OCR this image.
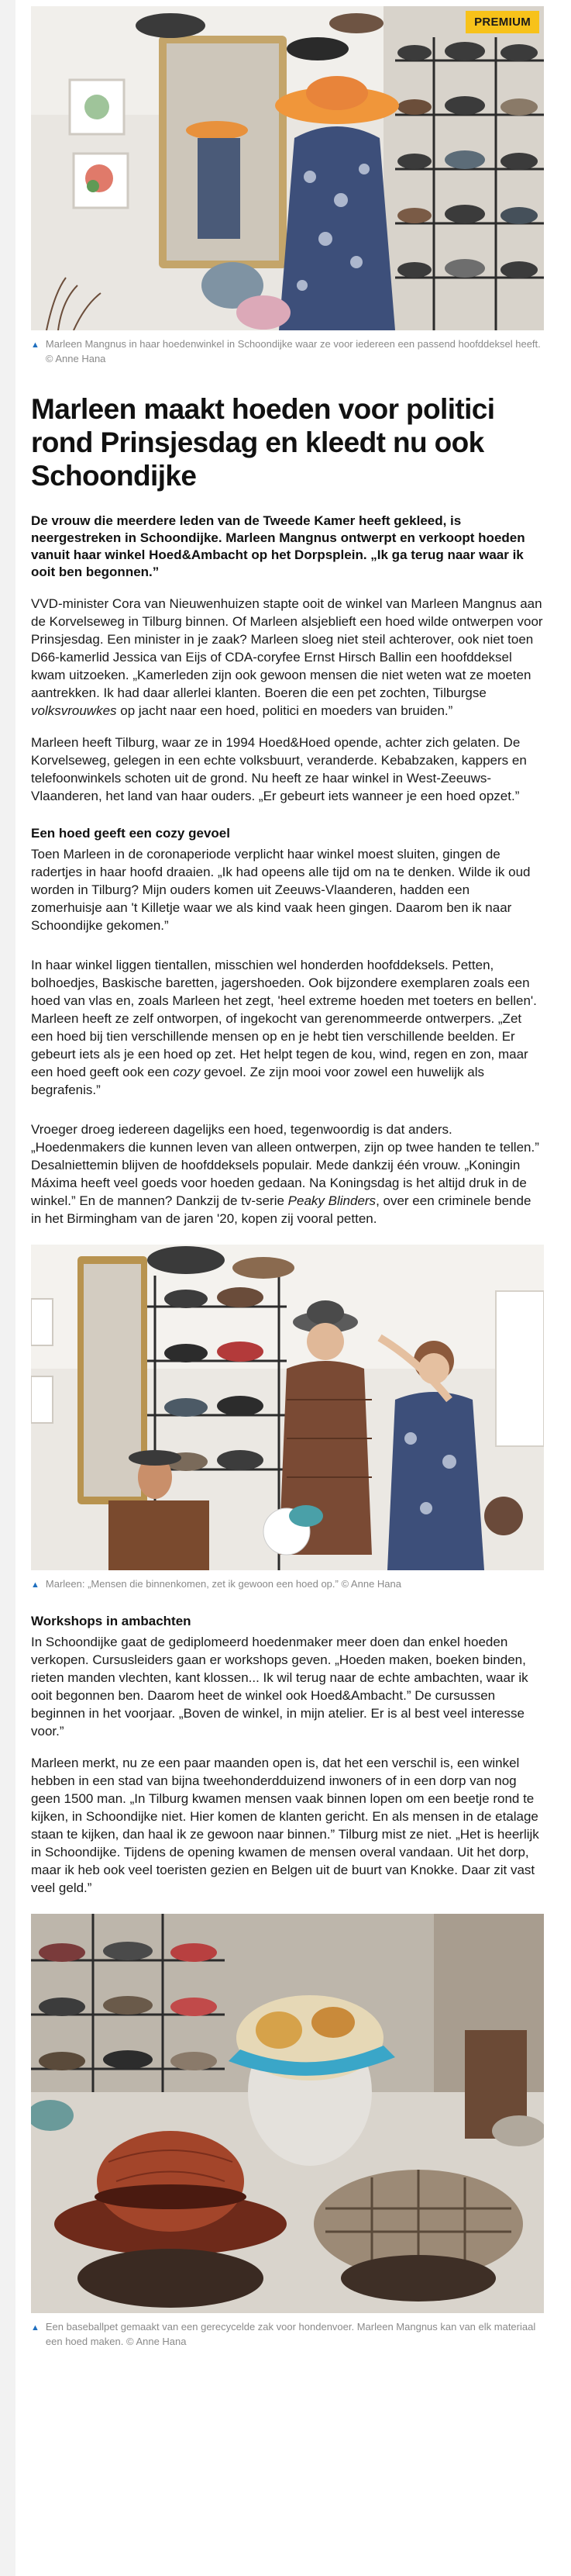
PREMIUM
▲ Marleen Mangnus in haar hoedenwinkel in Schoondijke waar ze voor iedereen een passend hoofddeksel heeft. © Anne Hana
Marleen maakt hoeden voor politici rond Prinsjesdag en kleedt nu ook Schoondijke

De vrouw die meerdere leden van de Tweede Kamer heeft gekleed, is neergestreken in Schoondijke. Marleen Mangnus ontwerpt en verkoopt hoeden vanuit haar winkel Hoed&Ambacht op het Dorpsplein. „Ik ga terug naar waar ik ooit ben begonnen.”

VVD-minister Cora van Nieuwenhuizen stapte ooit de winkel van Marleen Mangnus aan de Korvelseweg in Tilburg binnen. Of Marleen alsjeblieft een hoed wilde ontwerpen voor Prinsjesdag. Een minister in je zaak? Marleen sloeg niet steil achterover, ook niet toen D66-kamerlid Jessica van Eijs of CDA-coryfee Ernst Hirsch Ballin een hoofddeksel kwam uitzoeken. „Kamerleden zijn ook gewoon mensen die niet weten wat ze moeten aantrekken. Ik had daar allerlei klanten. Boeren die een pet zochten, Tilburgse volksvrouwkes op jacht naar een hoed, politici en moeders van bruiden.”

Marleen heeft Tilburg, waar ze in 1994 Hoed&Hoed opende, achter zich gelaten. De Korvelseweg, gelegen in een echte volksbuurt, veranderde. Kebabzaken, kappers en telefoonwinkels schoten uit de grond. Nu heeft ze haar winkel in West-Zeeuws-Vlaanderen, het land van haar ouders. „Er gebeurt iets wanneer je een hoed opzet.”

Een hoed geeft een cozy gevoel

Toen Marleen in de coronaperiode verplicht haar winkel moest sluiten, gingen de radertjes in haar hoofd draaien. „Ik had opeens alle tijd om na te denken. Wilde ik oud worden in Tilburg? Mijn ouders komen uit Zeeuws-Vlaanderen, hadden een zomerhuisje aan 't Killetje waar we als kind vaak heen gingen. Daarom ben ik naar Schoondijke gekomen.”

In haar winkel liggen tientallen, misschien wel honderden hoofddeksels. Petten, bolhoedjes, Baskische baretten, jagershoeden. Ook bijzondere exemplaren zoals een hoed van vlas en, zoals Marleen het zegt, 'heel extreme hoeden met toeters en bellen'. Marleen heeft ze zelf ontworpen, of ingekocht van gerenommeerde ontwerpers. „Zet een hoed bij tien verschillende mensen op en je hebt tien verschillende beelden. Er gebeurt iets als je een hoed op zet. Het helpt tegen de kou, wind, regen en zon, maar een hoed geeft ook een cozy gevoel. Ze zijn mooi voor zowel een huwelijk als begrafenis.”

Vroeger droeg iedereen dagelijks een hoed, tegenwoordig is dat anders. „Hoedenmakers die kunnen leven van alleen ontwerpen, zijn op twee handen te tellen.” Desalniettemin blijven de hoofddeksels populair. Mede dankzij één vrouw. „Koningin Máxima heeft veel goeds voor hoeden gedaan. Na Koningsdag is het altijd druk in de winkel.” En de mannen? Dankzij de tv-serie Peaky Blinders, over een criminele bende in het Birmingham van de jaren '20, kopen zij vooral petten.

▲ Marleen: „Mensen die binnenkomen, zet ik gewoon een hoed op.” © Anne Hana
Workshops in ambachten

In Schoondijke gaat de gediplomeerd hoedenmaker meer doen dan enkel hoeden verkopen. Cursusleiders gaan er workshops geven. „Hoeden maken, boeken binden, rieten manden vlechten, kant klossen... Ik wil terug naar de echte ambachten, waar ik ooit begonnen ben. Daarom heet de winkel ook Hoed&Ambacht.” De cursussen beginnen in het voorjaar. „Boven de winkel, in mijn atelier. Er is al best veel interesse voor.”

Marleen merkt, nu ze een paar maanden open is, dat het een verschil is, een winkel hebben in een stad van bijna tweehonderdduizend inwoners of in een dorp van nog geen 1500 man. „In Tilburg kwamen mensen vaak binnen lopen om een beetje rond te kijken, in Schoondijke niet. Hier komen de klanten gericht. En als mensen in de etalage staan te kijken, dan haal ik ze gewoon naar binnen.” Tilburg mist ze niet. „Het is heerlijk in Schoondijke. Tijdens de opening kwamen de mensen overal vandaan. Uit het dorp, maar ik heb ook veel toeristen gezien en Belgen uit de buurt van Knokke. Daar zit vast veel geld.”

▲ Een baseballpet gemaakt van een gerecycelde zak voor hondenvoer. Marleen Mangnus kan van elk materiaal een hoed maken. © Anne Hana
